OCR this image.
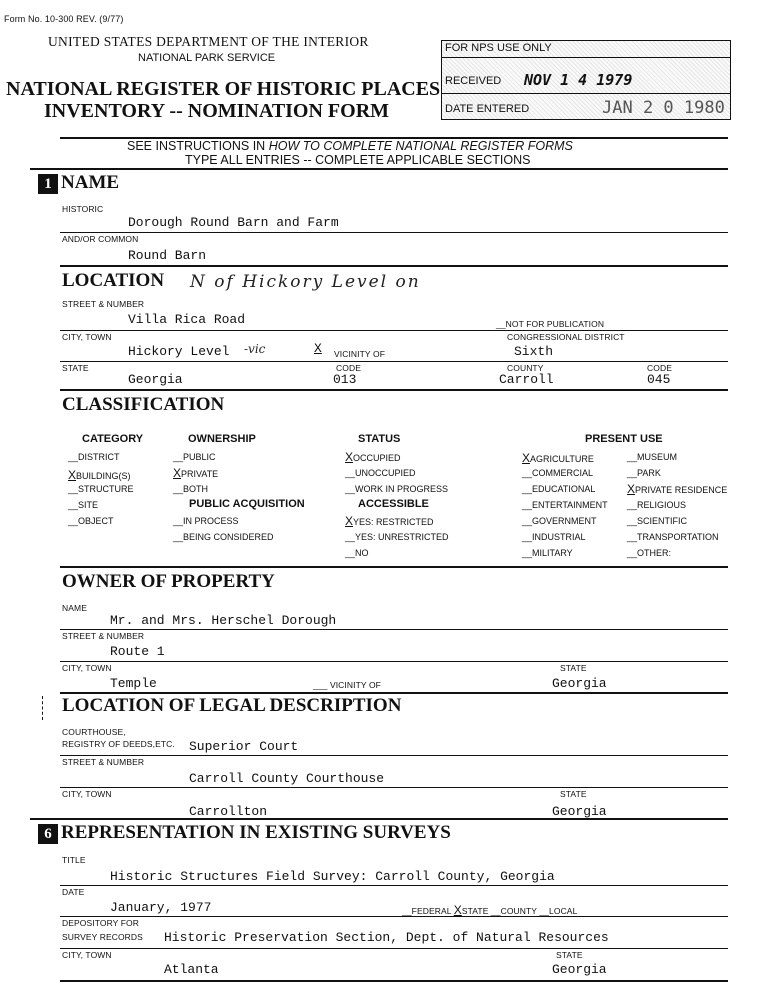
Form No. 10-300 REV. (9/77)
UNITED STATES DEPARTMENT OF THE INTERIOR
NATIONAL PARK SERVICE
NATIONAL REGISTER OF HISTORIC PLACES
INVENTORY -- NOMINATION FORM
FOR NPS USE ONLY
RECEIVED NOV 1 4 1979
DATE ENTERED	JAN 2 0 1980
SEE INSTRUCTIONS IN HOW TO COMPLETE NATIONAL REGISTER FORMS
TYPE ALL ENTRIES -- COMPLETE APPLICABLE SECTIONS
1 NAME
HISTORIC
Dorough Round Barn and Farm
AND/OR COMMON
Round Barn
LOCATION N of Hickory Level on
STREET & NUMBER
Villa Rica Road	__NOT FOR PUBLICATION
CITY, TOWN	CONGRESSIONAL DISTRICT
Hickory Level -vic	X VICINITY OF	Sixth
STATE	CODE	COUNTY	CODE
Georgia	013	Carroll	045
CLASSIFICATION
CATEGORY
__DISTRICT
XBUILDING(S)
__STRUCTURE
__SITE
__OBJECT
OWNERSHIP
__PUBLIC
XPRIVATE
__BOTH
PUBLIC ACQUISITION
__IN PROCESS
__BEING CONSIDERED
STATUS
XOCCUPIED
__UNOCCUPIED
__WORK IN PROGRESS
ACCESSIBLE
XYES: RESTRICTED
__YES: UNRESTRICTED
__NO
PRESENT USE
XAGRICULTURE
__COMMERCIAL
__EDUCATIONAL
__ENTERTAINMENT
__GOVERNMENT
__INDUSTRIAL
__MILITARY
__MUSEUM
__PARK
XPRIVATE RESIDENCE
__RELIGIOUS
__SCIENTIFIC
__TRANSPORTATION
__OTHER:
OWNER OF PROPERTY
NAME
Mr. and Mrs. Herschel Dorough
STREET & NUMBER
Route 1
CITY, TOWN	STATE
Temple	___ VICINITY OF	Georgia
LOCATION OF LEGAL DESCRIPTION
COURTHOUSE,
REGISTRY OF DEEDS,ETC. Superior Court
STREET & NUMBER
Carroll County Courthouse
CITY, TOWN	STATE
Carrollton	Georgia
6 REPRESENTATION IN EXISTING SURVEYS
TITLE
Historic Structures Field Survey: Carroll County, Georgia
DATE
January, 1977	__FEDERAL XSTATE __COUNTY __LOCAL
DEPOSITORY FOR
SURVEY RECORDS Historic Preservation Section, Dept. of Natural Resources
CITY, TOWN	STATE
Atlanta	Georgia
